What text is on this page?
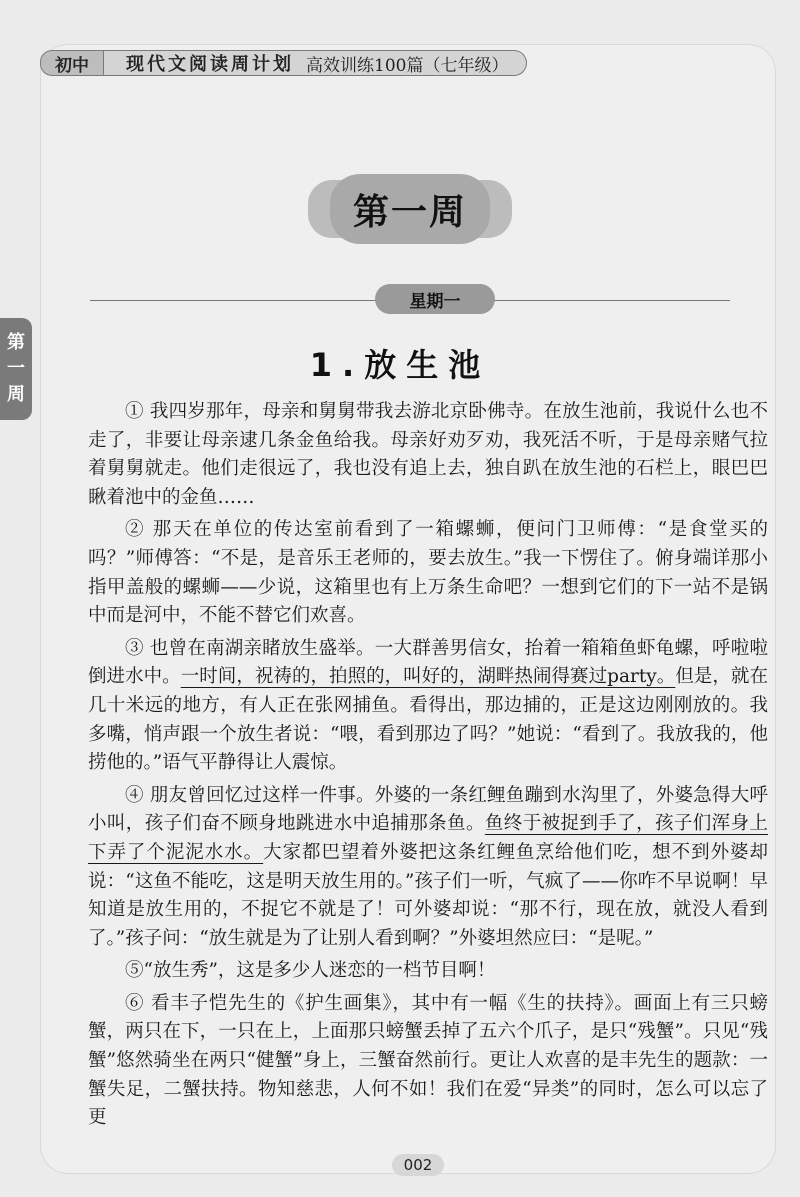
初中	现代文阅读周计划 高效训练100篇（七年级）
第
一
周
第一周
星期一
1.放生池

① 我四岁那年，母亲和舅舅带我去游北京卧佛寺。在放生池前，我说什么也不走了，非要让母亲逮几条金鱼给我。母亲好劝歹劝，我死活不听，于是母亲赌气拉着舅舅就走。他们走很远了，我也没有追上去，独自趴在放生池的石栏上，眼巴巴瞅着池中的金鱼……

② 那天在单位的传达室前看到了一箱螺蛳，便问门卫师傅：“是食堂买的吗？”师傅答：“不是，是音乐王老师的，要去放生。”我一下愣住了。俯身端详那小指甲盖般的螺蛳——少说，这箱里也有上万条生命吧？一想到它们的下一站不是锅中而是河中，不能不替它们欢喜。

③ 也曾在南湖亲睹放生盛举。一大群善男信女，抬着一箱箱鱼虾龟螺，呼啦啦倒进水中。一时间，祝祷的，拍照的，叫好的，湖畔热闹得赛过party。但是，就在几十米远的地方，有人正在张网捕鱼。看得出，那边捕的，正是这边刚刚放的。我多嘴，悄声跟一个放生者说：“喂，看到那边了吗？”她说：“看到了。我放我的，他捞他的。”语气平静得让人震惊。

④ 朋友曾回忆过这样一件事。外婆的一条红鲤鱼蹦到水沟里了，外婆急得大呼小叫，孩子们奋不顾身地跳进水中追捕那条鱼。鱼终于被捉到手了，孩子们浑身上下弄了个泥泥水水。大家都巴望着外婆把这条红鲤鱼烹给他们吃，想不到外婆却说：“这鱼不能吃，这是明天放生用的。”孩子们一听，气疯了——你咋不早说啊！早知道是放生用的，不捉它不就是了！可外婆却说：“那不行，现在放，就没人看到了。”孩子问：“放生就是为了让别人看到啊？”外婆坦然应曰：“是呢。”

⑤“放生秀”，这是多少人迷恋的一档节目啊！

⑥ 看丰子恺先生的《护生画集》，其中有一幅《生的扶持》。画面上有三只螃蟹，两只在下，一只在上，上面那只螃蟹丢掉了五六个爪子，是只“残蟹”。只见“残蟹”悠然骑坐在两只“健蟹”身上，三蟹奋然前行。更让人欢喜的是丰先生的题款：一蟹失足，二蟹扶持。物知慈悲，人何不如！我们在爱“异类”的同时，怎么可以忘了更

002
